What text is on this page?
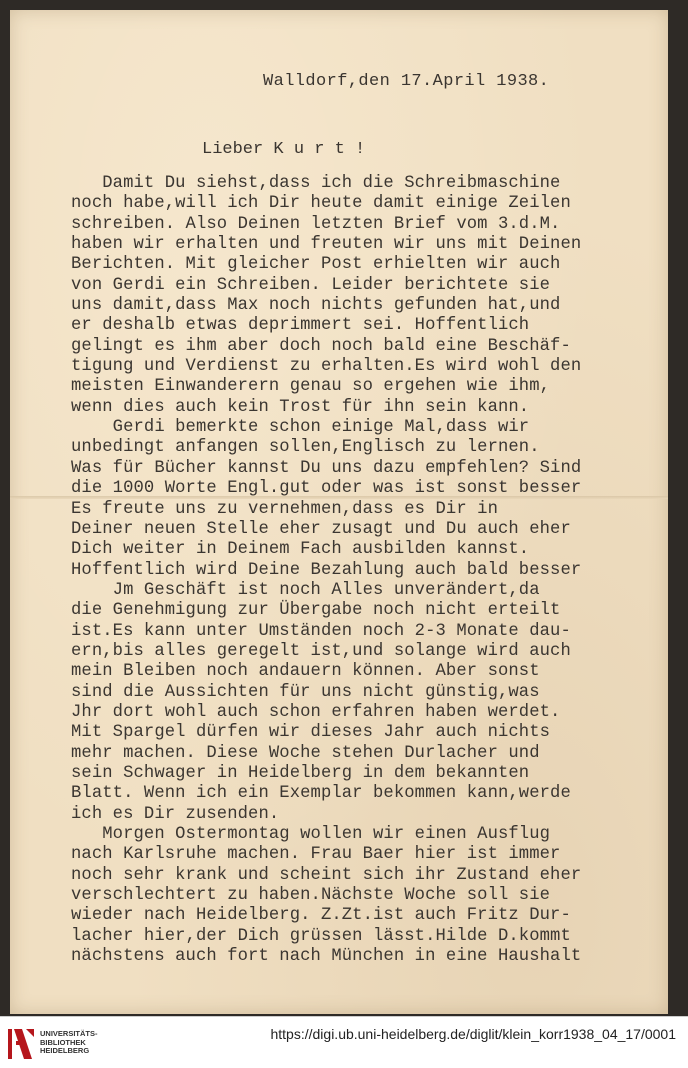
Walldorf,den 17.April 1938.
Lieber K u r t !
Damit Du siehst,dass ich die Schreibmaschine
noch habe,will ich Dir heute damit einige Zeilen
schreiben. Also Deinen letzten Brief vom 3.d.M.
haben wir erhalten und freuten wir uns mit Deinen
Berichten. Mit gleicher Post erhielten wir auch
von Gerdi ein Schreiben. Leider berichtete sie
uns damit,dass Max noch nichts gefunden hat,und
er deshalb etwas deprimmert sei. Hoffentlich
gelingt es ihm aber doch noch bald eine Beschäf-
tigung und Verdienst zu erhalten.Es wird wohl den
meisten Einwanderern genau so ergehen wie ihm,
wenn dies auch kein Trost für ihn sein kann.
Gerdi bemerkte schon einige Mal,dass wir
unbedingt anfangen sollen,Englisch zu lernen.
Was für Bücher kannst Du uns dazu empfehlen? Sind
die 1000 Worte Engl.gut oder was ist sonst besser
Es freute uns zu vernehmen,dass es Dir in
Deiner neuen Stelle eher zusagt und Du auch eher
Dich weiter in Deinem Fach ausbilden kannst.
Hoffentlich wird Deine Bezahlung auch bald besser
Jm Geschäft ist noch Alles unverändert,da
die Genehmigung zur Übergabe noch nicht erteilt
ist.Es kann unter Umständen noch 2-3 Monate dau-
ern,bis alles geregelt ist,und solange wird auch
mein Bleiben noch andauern können. Aber sonst
sind die Aussichten für uns nicht günstig,was
Jhr dort wohl auch schon erfahren haben werdet.
Mit Spargel dürfen wir dieses Jahr auch nichts
mehr machen. Diese Woche stehen Durlacher und
sein Schwager in Heidelberg in dem bekannten
Blatt. Wenn ich ein Exemplar bekommen kann,werde
ich es Dir zusenden.
Morgen Ostermontag wollen wir einen Ausflug
nach Karlsruhe machen. Frau Baer hier ist immer
noch sehr krank und scheint sich ihr Zustand eher
verschlechtert zu haben.Nächste Woche soll sie
wieder nach Heidelberg. Z.Zt.ist auch Fritz Dur-
lacher hier,der Dich grüssen lässt.Hilde D.kommt
nächstens auch fort nach München in eine Haushalt
UNIVERSITÄTS-
BIBLIOTHEK
HEIDELBERG
https://digi.ub.uni-heidelberg.de/diglit/klein_korr1938_04_17/0001
